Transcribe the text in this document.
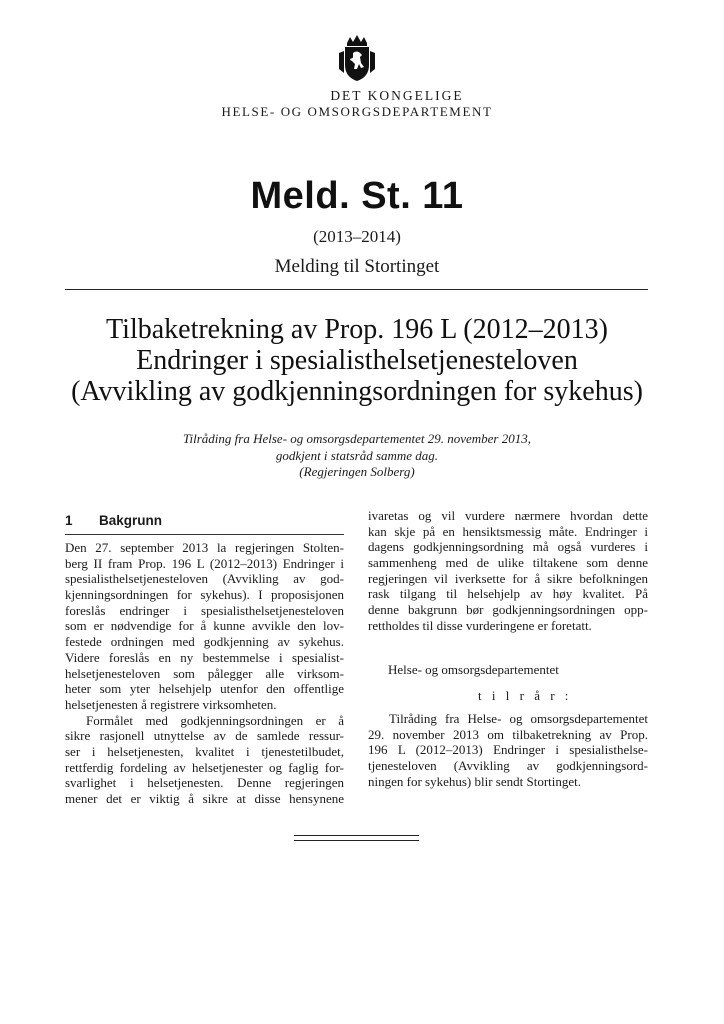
DET KONGELIGE
HELSE- OG OMSORGSDEPARTEMENT
Meld. St. 11
(2013–2014)
Melding til Stortinget
Tilbaketrekning av Prop. 196 L (2012–2013)
Endringer i spesialisthelsetjenesteloven
(Avvikling av godkjenningsordningen for sykehus)
Tilråding fra Helse- og omsorgsdepartementet 29. november 2013,
godkjent i statsråd samme dag.
(Regjeringen Solberg)
1 Bakgrunn
Den 27. september 2013 la regjeringen Stolten-
berg II fram Prop. 196 L (2012–2013) Endringer i
spesialisthelsetjenesteloven (Avvikling av god-
kjenningsordningen for sykehus). I proposisjonen
foreslås endringer i spesialisthelsetjenesteloven
som er nødvendige for å kunne avvikle den lov-
festede ordningen med godkjenning av sykehus.
Videre foreslås en ny bestemmelse i spesialist-
helsetjenesteloven som pålegger alle virksom-
heter som yter helsehjelp utenfor den offentlige
helsetjenesten å registrere virksomheten.
Formålet med godkjenningsordningen er å
sikre rasjonell utnyttelse av de samlede ressur-
ser i helsetjenesten, kvalitet i tjenestetilbudet,
rettferdig fordeling av helsetjenester og faglig for-
svarlighet i helsetjenesten. Denne regjeringen
mener det er viktig å sikre at disse hensynene
ivaretas og vil vurdere nærmere hvordan dette
kan skje på en hensiktsmessig måte. Endringer i
dagens godkjenningsordning må også vurderes i
sammenheng med de ulike tiltakene som denne
regjeringen vil iverksette for å sikre befolkningen
rask tilgang til helsehjelp av høy kvalitet. På
denne bakgrunn bør godkjenningsordningen opp-
rettholdes til disse vurderingene er foretatt.
Helse- og omsorgsdepartementet
t i l r å r :
Tilråding fra Helse- og omsorgsdepartementet
29. november 2013 om tilbaketrekning av Prop.
196 L (2012–2013) Endringer i spesialisthelse-
tjenesteloven (Avvikling av godkjenningsord-
ningen for sykehus) blir sendt Stortinget.
